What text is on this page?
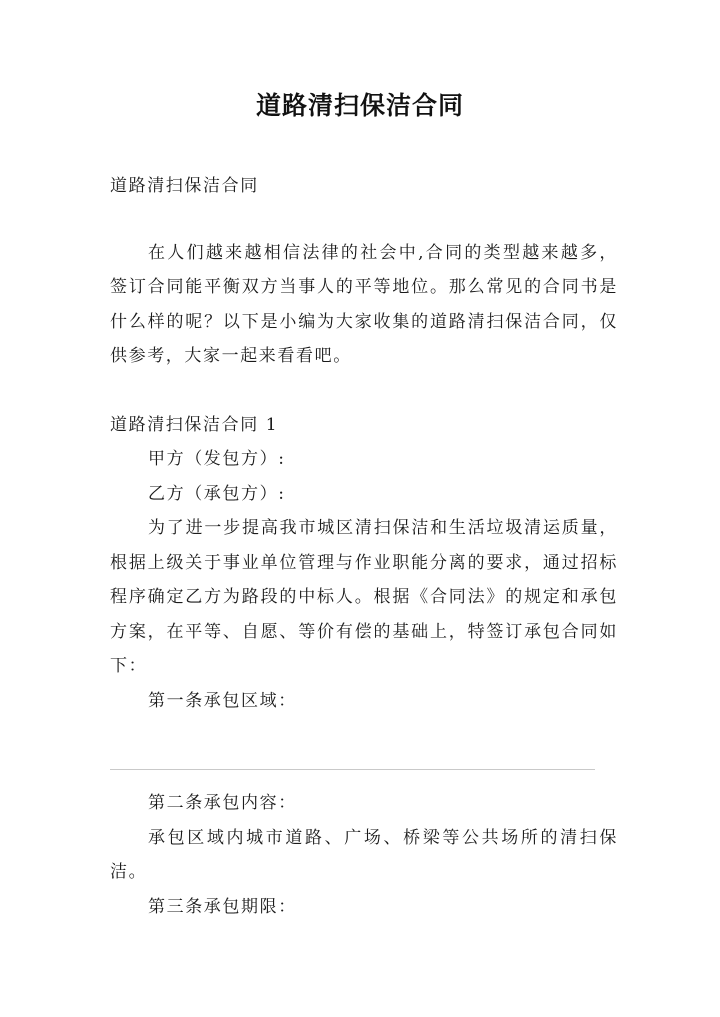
道路清扫保洁合同

道路清扫保洁合同

在人们越来越相信法律的社会中,合同的类型越来越多，签订合同能平衡双方当事人的平等地位。那么常见的合同书是什么样的呢？以下是小编为大家收集的道路清扫保洁合同，仅供参考，大家一起来看看吧。

道路清扫保洁合同 1

甲方（发包方）:

乙方（承包方）:

为了进一步提高我市城区清扫保洁和生活垃圾清运质量，根据上级关于事业单位管理与作业职能分离的要求，通过招标程序确定乙方为路段的中标人。根据《合同法》的规定和承包方案，在平等、自愿、等价有偿的基础上，特签订承包合同如下：

第一条承包区域：

第二条承包内容：

承包区域内城市道路、广场、桥梁等公共场所的清扫保洁。

第三条承包期限：
